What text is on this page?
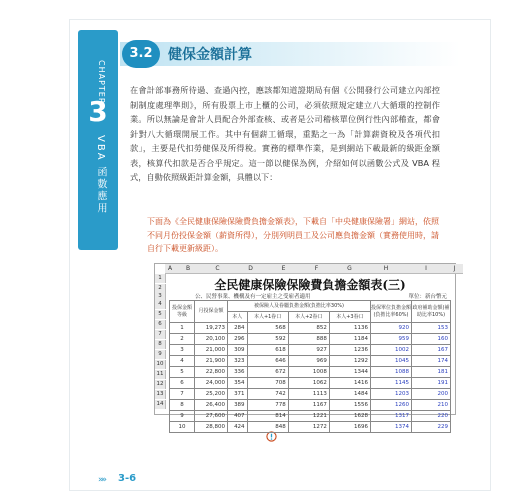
CHAPTER
3
VBA 函數應用
3.2	健保金額計算
在會計部事務所待過、查過內控，應該都知道證期局有個《公開發行公司建立內部控制制度處理準則》，所有股票上市上櫃的公司，必須依照規定建立八大循環的控制作業。所以無論是會計人員配合外部查核、或者是公司稽核單位例行性內部稽查，都會針對八大循環開展工作。其中有個薪工循環，重點之一為「計算薪資稅及各項代扣款」，主要是代扣勞健保及所得稅。實務的標準作業，是到網站下載最新的級距金額表，核算代扣款是否合乎規定。這一節以健保為例，介紹如何以函數公式及 VBA 程式，自動依照級距計算金額，具體以下：
下面為《全民健康保險保險費負擔金額表》，下載自「中央健康保險署」網站，依照不同月份投保金額（薪資所得），分別列明員工及公司應負擔金額（實務使用時，請自行下載更新級距）。
A	B	C	D	E	F	G	H	I	J
1
2
3
4
5
6
7
8
9
10
11
12
13
14
全民健康保險保險費負擔金額表(三)
公、民營事業、機構及有一定雇主之受雇者適用	單位：新台幣元
投保金額等級	月投保金額	被保險人及眷屬負擔金額(負擔比率30%)				投保單位負擔金額(負擔比率60%)	政府補助金額(補助比率10%)
		本人	本人+1眷口	本人+2眷口	本人+3眷口		
1	19,273	284	568	852	1136	920	153
2	20,100	296	592	888	1184	959	160
3	21,000	309	618	927	1236	1002	167
4	21,900	323	646	969	1292	1045	174
5	22,800	336	672	1008	1344	1088	181
6	24,000	354	708	1062	1416	1145	191
7	25,200	371	742	1113	1484	1203	200
8	26,400	389	778	1167	1556	1260	210
9	27,600	407	814	1221	1628	1317	220
10	28,800	424	848	1272	1696	1374	229
»» 3-6
